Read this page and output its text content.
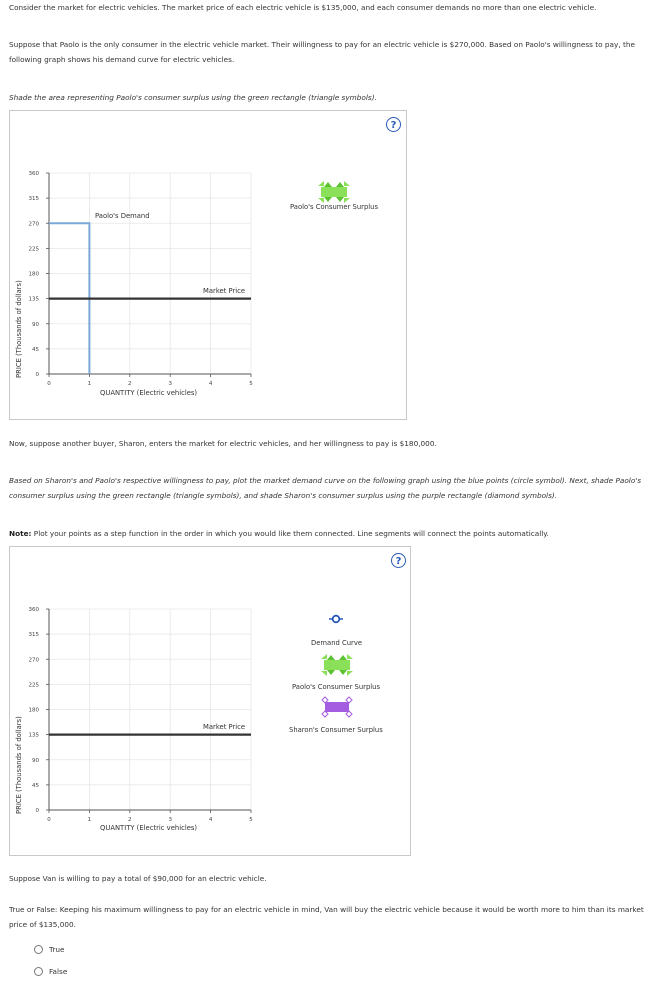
Consider the market for electric vehicles. The market price of each electric vehicle is $135,000, and each consumer demands no more than one electric vehicle.

Suppose that Paolo is the only consumer in the electric vehicle market. Their willingness to pay for an electric vehicle is $270,000. Based on Paolo's willingness to pay, the following graph shows his demand curve for electric vehicles.

Shade the area representing Paolo's consumer surplus using the green rectangle (triangle symbols).

?
360
315
270
225
180
135
90
45
0
0	1	2	3	4	5
PRICE (Thousands of dollars)
QUANTITY (Electric vehicles)
Paolo's Demand
Market Price
Paolo's Consumer Surplus

Now, suppose another buyer, Sharon, enters the market for electric vehicles, and her willingness to pay is $180,000.

Based on Sharon's and Paolo's respective willingness to pay, plot the market demand curve on the following graph using the blue points (circle symbol). Next, shade Paolo's consumer surplus using the green rectangle (triangle symbols), and shade Sharon's consumer surplus using the purple rectangle (diamond symbols).

Note: Plot your points as a step function in the order in which you would like them connected. Line segments will connect the points automatically.

?
360
315
270
225
180
135
90
45
0
0	1	2	3	4	5
PRICE (Thousands of dollars)
QUANTITY (Electric vehicles)
Market Price
Demand Curve
Paolo's Consumer Surplus
Sharon's Consumer Surplus

Suppose Van is willing to pay a total of $90,000 for an electric vehicle.

True or False: Keeping his maximum willingness to pay for an electric vehicle in mind, Van will buy the electric vehicle because it would be worth more to him than its market price of $135,000.

True
False
